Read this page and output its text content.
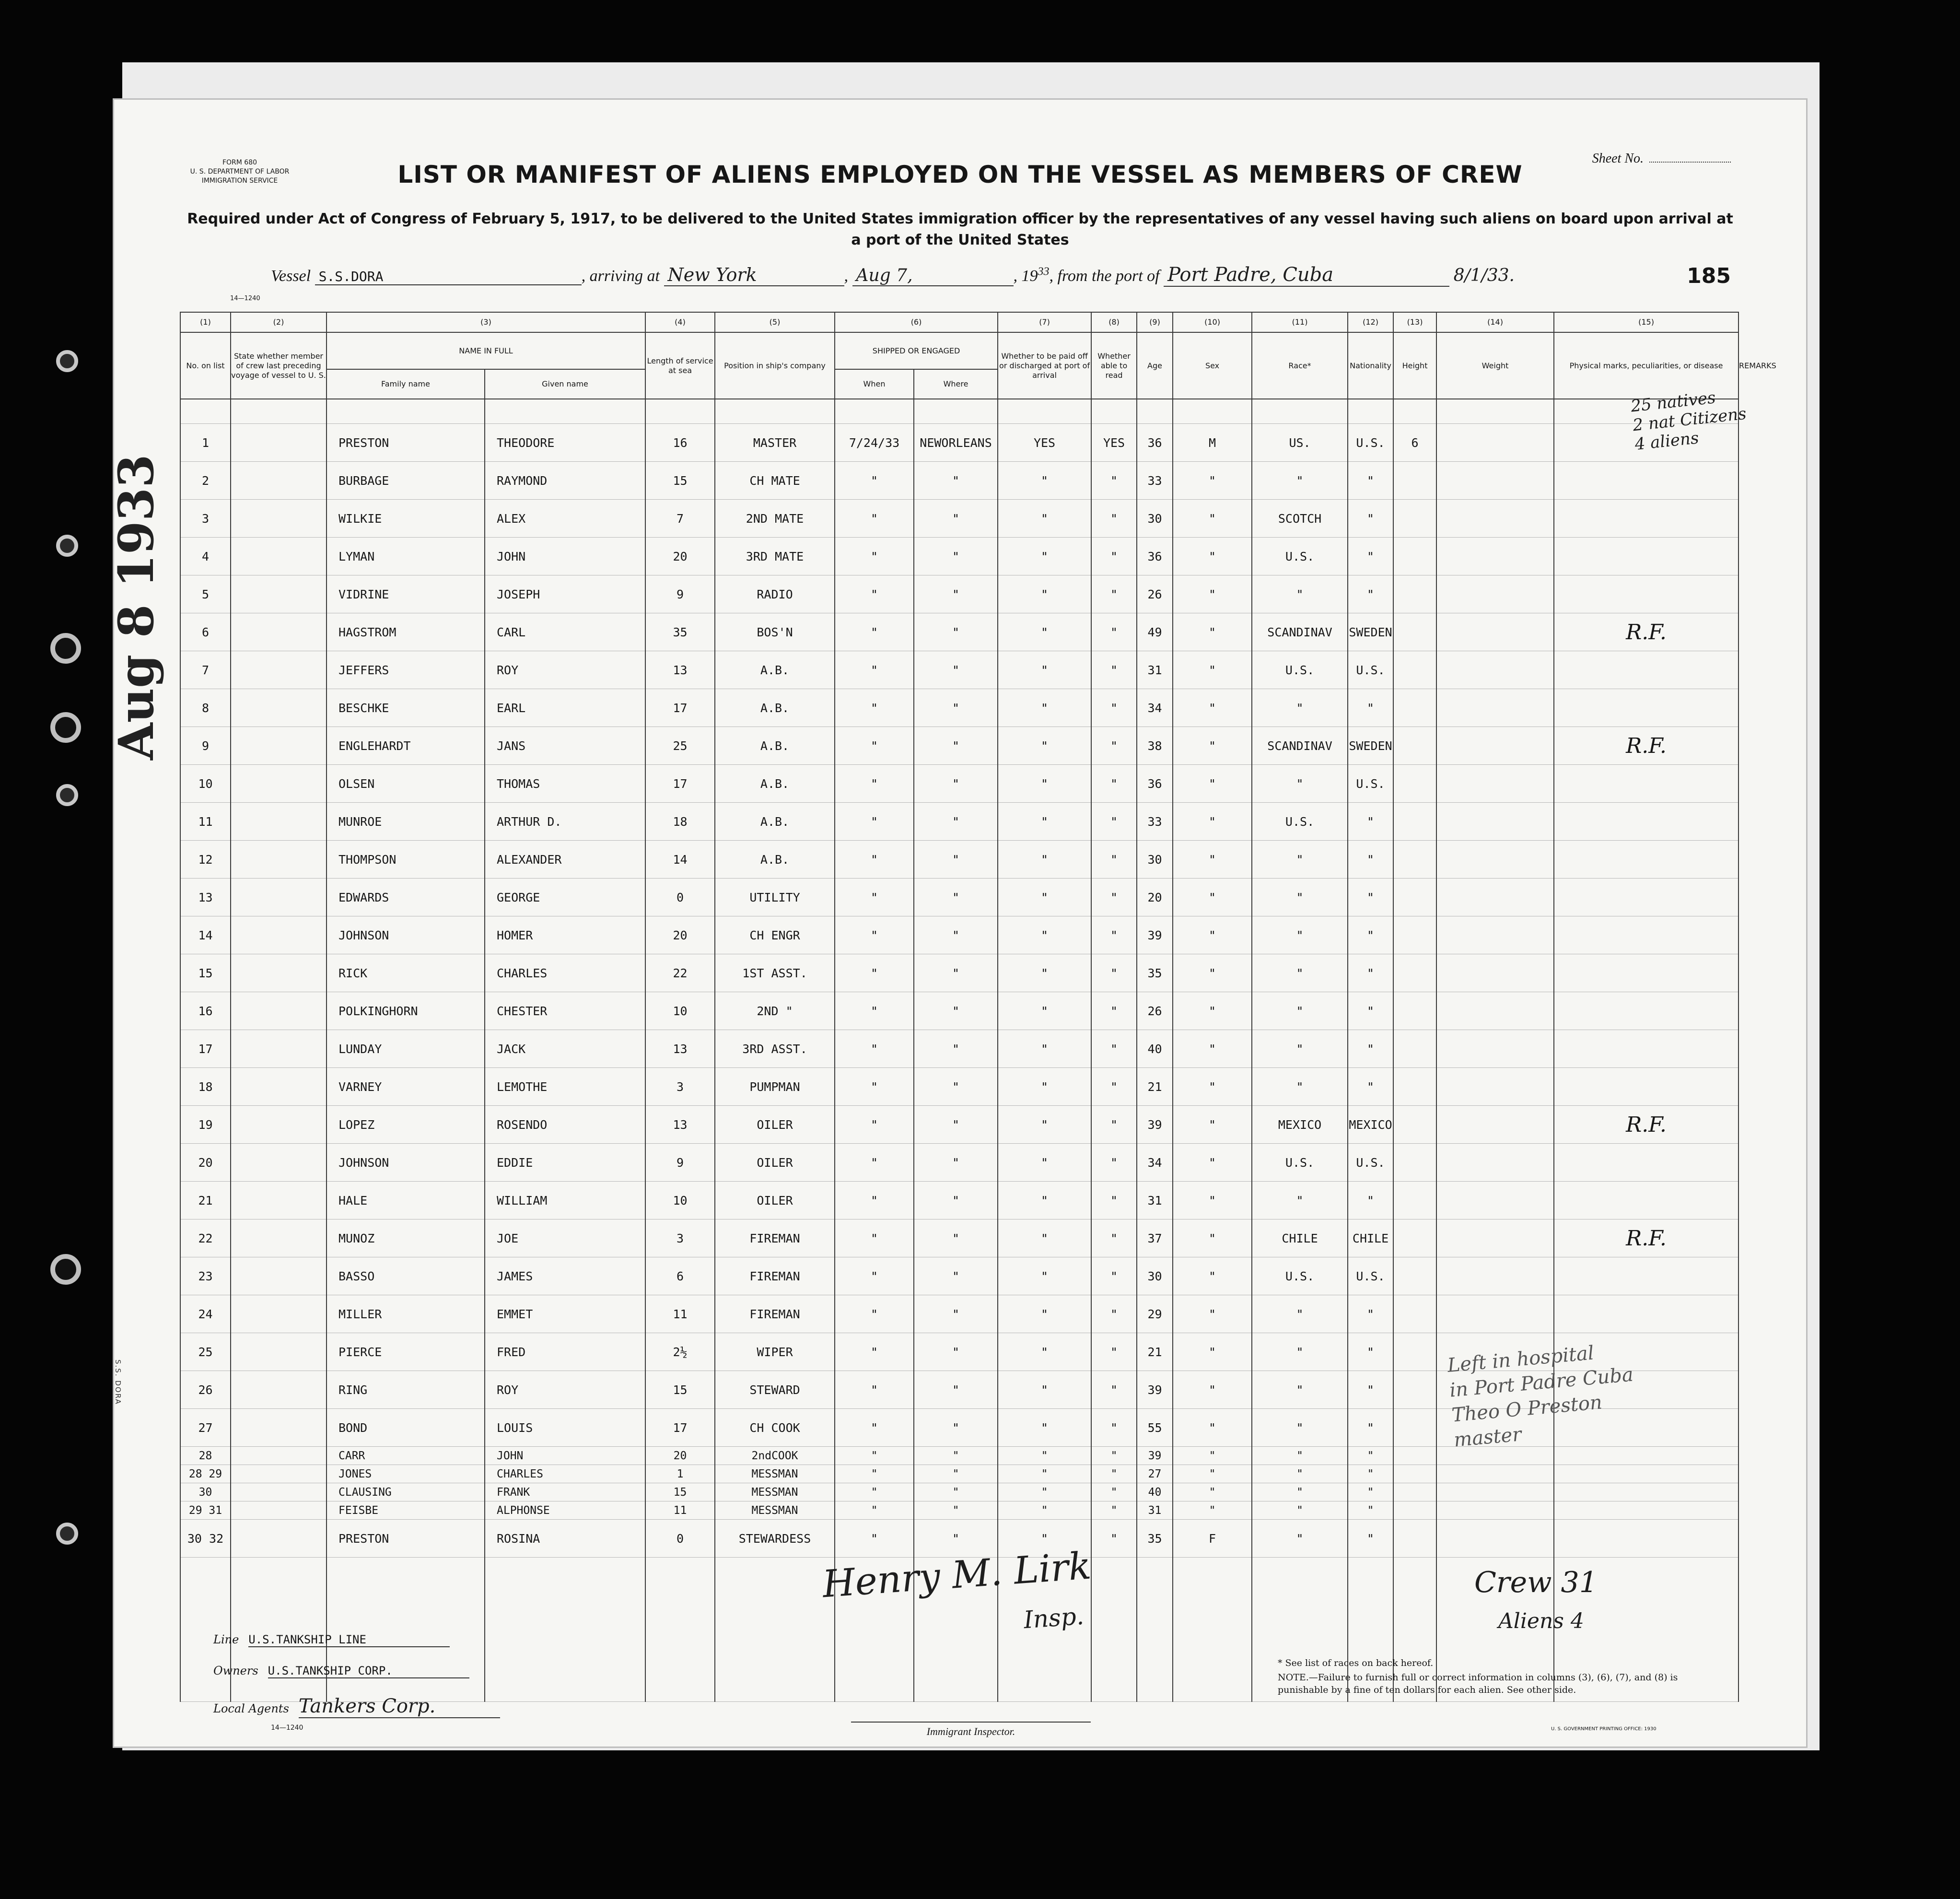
Aug 8 1933
S.S. DORA
FORM 680
U. S. DEPARTMENT OF LABOR
IMMIGRATION SERVICE
Sheet No.
LIST OR MANIFEST OF ALIENS EMPLOYED ON THE VESSEL AS MEMBERS OF CREW
Required under Act of Congress of February 5, 1917, to be delivered to the United States immigration officer by the representatives of any vessel having such aliens on board upon arrival at a port of the United States
Vessel S.S.DORA	, arriving at New York	, Aug 7,	, $19^{33}$, from the port of Port Padre, Cuba	8/1/33.	185
(1)	(2)	(3)		(4)	(5)	(6)		(7)	(8)	(9)	(10)	(11)	(12)	(13)	(14)	(15)	
No. on list	State whether member of crew last preceding voyage of vessel to U. S.	NAME IN FULL		Length of service at sea	Position in ship's company	SHIPPED OR ENGAGED		Whether to be paid off or discharged at port of arrival	Whether able to read	Age	Sex	Race*	Nationality	Height	Weight	Physical marks, peculiarities, or disease	REMARKS
		Family name	Given name			When	Where										

1		PRESTON	THEODORE	16	MASTER	7/24/33	NEWORLEANS	YES	YES	36	M	US.	U.S.	6			
2		BURBAGE	RAYMOND	15	CH MATE	"	"	"	"	33	"	"	"				
3		WILKIE	ALEX	7	2ND MATE	"	"	"	"	30	"	SCOTCH	"				
4		LYMAN	JOHN	20	3RD MATE	"	"	"	"	36	"	U.S.	"				
5		VIDRINE	JOSEPH	9	RADIO	"	"	"	"	26	"	"	"				
6		HAGSTROM	CARL	35	BOS'N	"	"	"	"	49	"	SCANDINAV	SWEDEN			R.F.	
7		JEFFERS	ROY	13	A.B.	"	"	"	"	31	"	U.S.	U.S.				
8		BESCHKE	EARL	17	A.B.	"	"	"	"	34	"	"	"				
9		ENGLEHARDT	JANS	25	A.B.	"	"	"	"	38	"	SCANDINAV	SWEDEN			R.F.	
10		OLSEN	THOMAS	17	A.B.	"	"	"	"	36	"	"	U.S.				
11		MUNROE	ARTHUR D.	18	A.B.	"	"	"	"	33	"	U.S.	"				
12		THOMPSON	ALEXANDER	14	A.B.	"	"	"	"	30	"	"	"				
13		EDWARDS	GEORGE	0	UTILITY	"	"	"	"	20	"	"	"				
14		JOHNSON	HOMER	20	CH ENGR	"	"	"	"	39	"	"	"				
15		RICK	CHARLES	22	1ST ASST.	"	"	"	"	35	"	"	"				
16		POLKINGHORN	CHESTER	10	2ND "	"	"	"	"	26	"	"	"				
17		LUNDAY	JACK	13	3RD ASST.	"	"	"	"	40	"	"	"				
18		VARNEY	LEMOTHE	3	PUMPMAN	"	"	"	"	21	"	"	"				
19		LOPEZ	ROSENDO	13	OILER	"	"	"	"	39	"	MEXICO	MEXICO			R.F.	
20		JOHNSON	EDDIE	9	OILER	"	"	"	"	34	"	U.S.	U.S.				
21		HALE	WILLIAM	10	OILER	"	"	"	"	31	"	"	"				
22		MUNOZ	JOE	3	FIREMAN	"	"	"	"	37	"	CHILE	CHILE			R.F.	
23		BASSO	JAMES	6	FIREMAN	"	"	"	"	30	"	U.S.	U.S.				
24		MILLER	EMMET	11	FIREMAN	"	"	"	"	29	"	"	"				
25		PIERCE	FRED	2½	WIPER	"	"	"	"	21	"	"	"				
26		RING	ROY	15	STEWARD	"	"	"	"	39	"	"	"				
27		BOND	LOUIS	17	CH COOK	"	"	"	"	55	"	"	"				
28		CARR	JOHN	20	2ndCOOK	"	"	"	"	39	"	"	"				
28 29		JONES	CHARLES	1	MESSMAN	"	"	"	"	27	"	"	"				
30		CLAUSING	FRANK	15	MESSMAN	"	"	"	"	40	"	"	"				
29 31		FEISBE	ALPHONSE	11	MESSMAN	"	"	"	"	31	"	"	"				
30 32		PRESTON	ROSINA	0	STEWARDESS	"	"	"	"	35	F	"	"				

25 natives
2 nat Citizens
4 aliens
Left in hospital
in Port Padre Cuba
Theo O Preston
master
Henry M. Lirk
Insp.
Immigrant Inspector.
Crew 31
Aliens 4
Line U.S.TANKSHIP LINE
Owners U.S.TANKSHIP CORP.
Local Agents Tankers Corp.
14—1240
14—1240
* See list of races on back hereof.
NOTE.—Failure to furnish full or correct information in columns (3), (6), (7), and (8) is punishable by a fine of ten dollars for each alien. See other side.
U. S. GOVERNMENT PRINTING OFFICE: 1930
